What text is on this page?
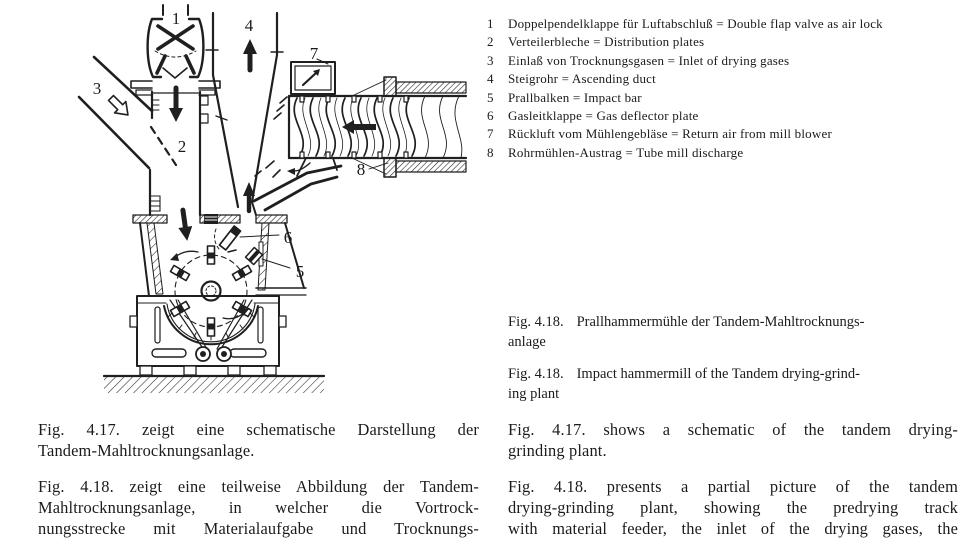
1
2
3
4
5
6
7
8
1	Doppelpendelklappe für Luftabschluß = Double flap valve as air lock
2	Verteilerbleche = Distribution plates
3	Einlaß von Trocknungsgasen = Inlet of drying gases
4	Steigrohr = Ascending duct
5	Prallbalken = Impact bar
6	Gasleitklappe = Gas deflector plate
7	Rückluft vom Mühlengebläse = Return air from mill blower
8	Rohrmühlen-Austrag = Tube mill discharge

Fig. 4.18. Prallhammermühle der Tandem-Mahltrocknungs-
anlage

Fig. 4.18. Impact hammermill of the Tandem drying-grind-
ing plant

Fig. 4.17. zeigt eine schematische Darstellung der
Tandem-Mahltrocknungsanlage.
Fig. 4.18. zeigt eine teilweise Abbildung der Tandem-
Mahltrocknungsanlage, in welcher die Vortrock-
nungsstrecke mit Materialaufgabe und Trocknungs-
Fig. 4.17. shows a schematic of the tandem drying-
grinding plant.
Fig. 4.18. presents a partial picture of the tandem
drying-grinding plant, showing the predrying track
with material feeder, the inlet of the drying gases, the
